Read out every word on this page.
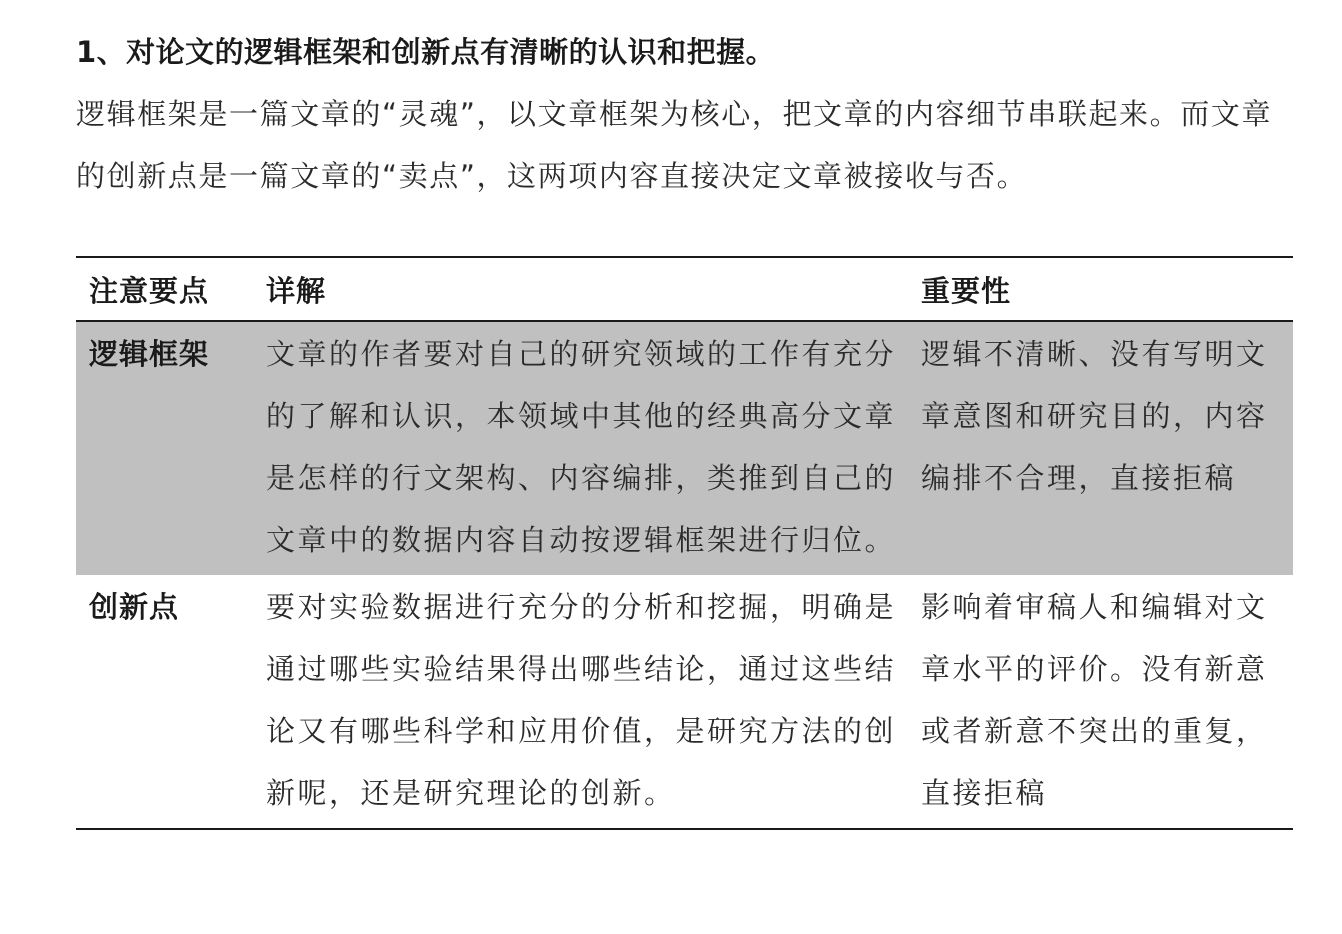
1、对论文的逻辑框架和创新点有清晰的认识和把握。
逻辑框架是一篇文章的“灵魂”，以文章框架为核心，把文章的内容细节串联起来。而文章的创新点是一篇文章的“卖点”，这两项内容直接决定文章被接收与否。
注意要点	详解	重要性
逻辑框架	文章的作者要对自己的研究领域的工作有充分的了解和认识，本领域中其他的经典高分文章是怎样的行文架构、内容编排，类推到自己的文章中的数据内容自动按逻辑框架进行归位。	逻辑不清晰、没有写明文章意图和研究目的，内容编排不合理，直接拒稿
创新点	要对实验数据进行充分的分析和挖掘，明确是通过哪些实验结果得出哪些结论，通过这些结论又有哪些科学和应用价值，是研究方法的创新呢，还是研究理论的创新。	影响着审稿人和编辑对文章水平的评价。没有新意或者新意不突出的重复，直接拒稿
